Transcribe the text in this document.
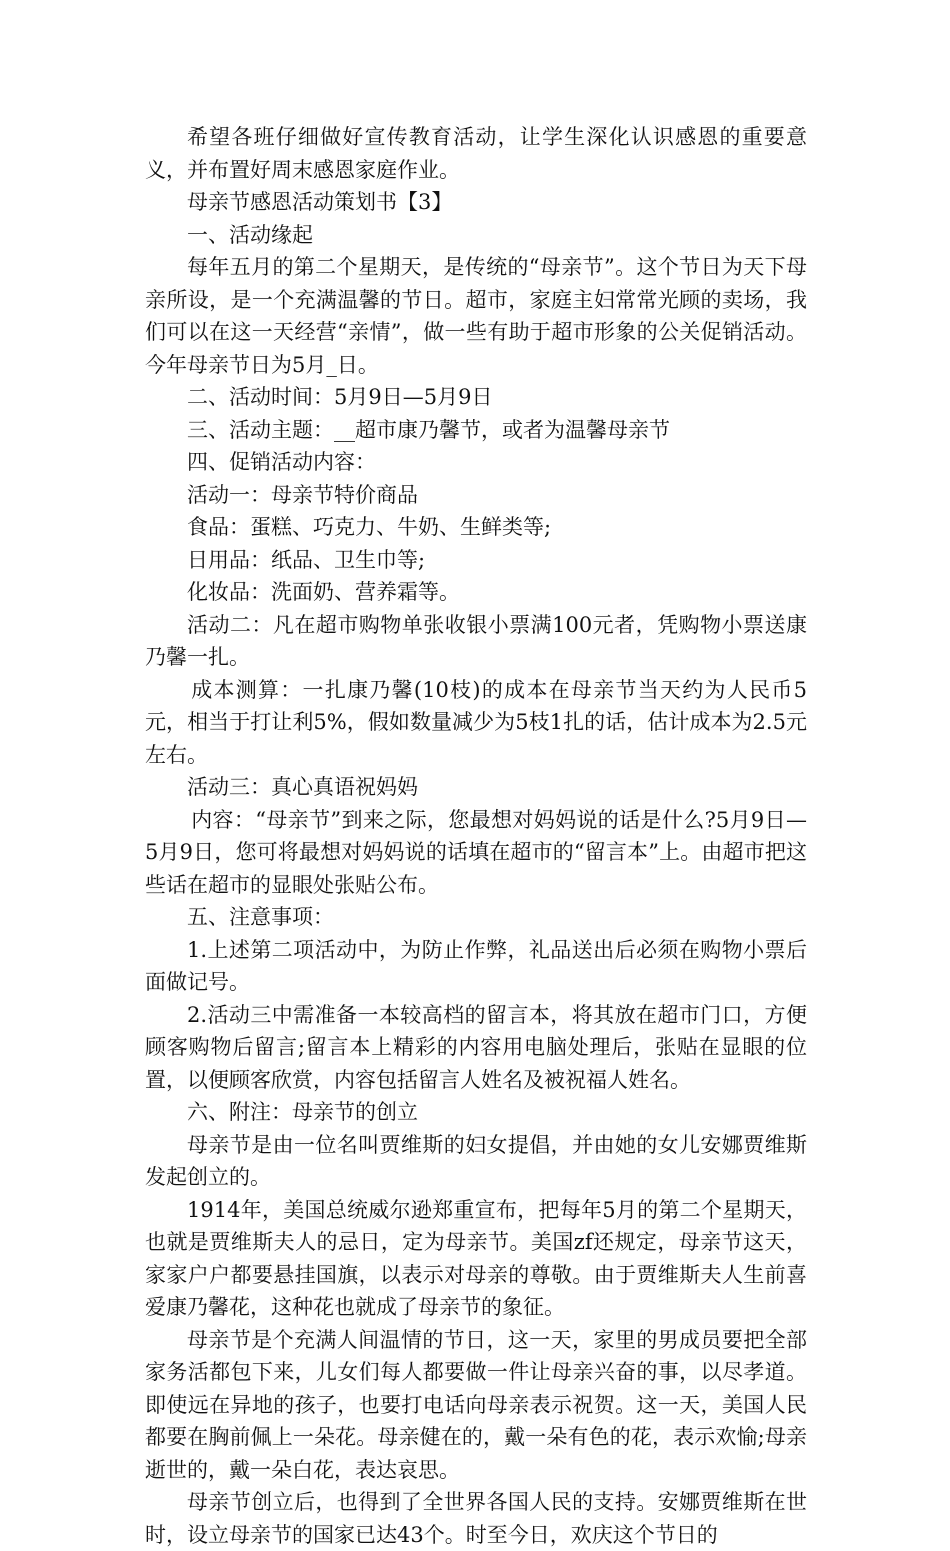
希望各班仔细做好宣传教育活动，让学生深化认识感恩的重要意义，并布置好周末感恩家庭作业。

母亲节感恩活动策划书【3】

一、活动缘起

每年五月的第二个星期天，是传统的“母亲节”。这个节日为天下母亲所设，是一个充满温馨的节日。超市，家庭主妇常常光顾的卖场，我们可以在这一天经营“亲情”，做一些有助于超市形象的公关促销活动。今年母亲节日为5月_日。

二、活动时间：5月9日—5月9日

三、活动主题：__超市康乃馨节，或者为温馨母亲节

四、促销活动内容：

活动一：母亲节特价商品

食品：蛋糕、巧克力、牛奶、生鲜类等;

日用品：纸品、卫生巾等;

化妆品：洗面奶、营养霜等。

活动二：凡在超市购物单张收银小票满100元者，凭购物小票送康乃馨一扎。

成本测算：一扎康乃馨(10枝)的成本在母亲节当天约为人民币5元，相当于打让利5%，假如数量减少为5枝1扎的话，估计成本为2.5元左右。

活动三：真心真语祝妈妈

内容：“母亲节”到来之际，您最想对妈妈说的话是什么?5月9日—5月9日，您可将最想对妈妈说的话填在超市的“留言本”上。由超市把这些话在超市的显眼处张贴公布。

五、注意事项：

1.上述第二项活动中，为防止作弊，礼品送出后必须在购物小票后面做记号。

2.活动三中需准备一本较高档的留言本，将其放在超市门口，方便顾客购物后留言;留言本上精彩的内容用电脑处理后，张贴在显眼的位置，以便顾客欣赏，内容包括留言人姓名及被祝福人姓名。

六、附注：母亲节的创立

母亲节是由一位名叫贾维斯的妇女提倡，并由她的女儿安娜贾维斯发起创立的。

1914年，美国总统威尔逊郑重宣布，把每年5月的第二个星期天，也就是贾维斯夫人的忌日，定为母亲节。美国zf还规定，母亲节这天，家家户户都要悬挂国旗，以表示对母亲的尊敬。由于贾维斯夫人生前喜爱康乃馨花，这种花也就成了母亲节的象征。

母亲节是个充满人间温情的节日，这一天，家里的男成员要把全部家务活都包下来，儿女们每人都要做一件让母亲兴奋的事，以尽孝道。即使远在异地的孩子，也要打电话向母亲表示祝贺。这一天，美国人民都要在胸前佩上一朵花。母亲健在的，戴一朵有色的花，表示欢愉;母亲逝世的，戴一朵白花，表达哀思。

母亲节创立后，也得到了全世界各国人民的支持。安娜贾维斯在世时，设立母亲节的国家已达43个。时至今日，欢庆这个节日的
